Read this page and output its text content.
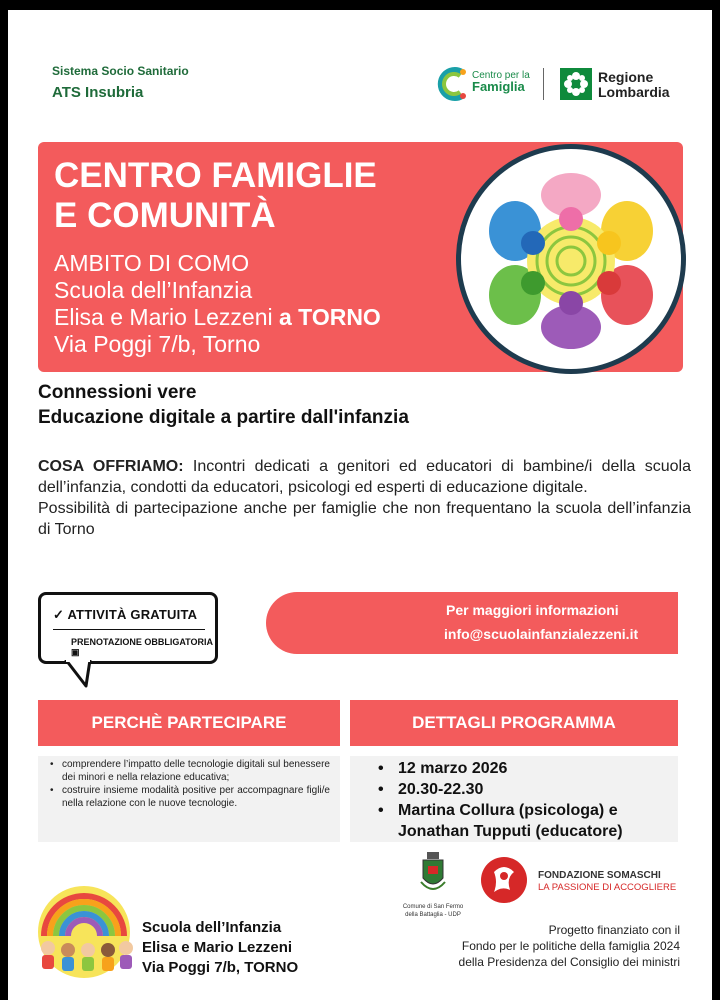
Sistema Socio Sanitario
ATS Insubria
Centro per la
Famiglia
Regione
Lombardia
CENTRO FAMIGLIE
E COMUNITÀ
AMBITO DI COMO
Scuola dell’Infanzia
Elisa e Mario Lezzeni a TORNO
Via Poggi 7/b, Torno
Connessioni vere
Educazione digitale a partire dall'infanzia
COSA OFFRIAMO: Incontri dedicati a genitori ed educatori di bambine/i della scuola dell’infanzia, condotti da educatori, psicologi ed esperti di educazione digitale.
Possibilità di partecipazione anche per famiglie che non frequentano la scuola dell’infanzia di Torno
✓ ATTIVITÀ GRATUITA
PRENOTAZIONE OBBLIGATORIA ▣
Per maggiori informazioni
info@scuolainfanzialezzeni.it
PERCHÈ PARTECIPARE	DETTAGLI PROGRAMMA
• comprendere l’impatto delle tecnologie digitali sul benessere dei minori e nella relazione educativa;
• costruire insieme modalità positive per accompagnare figli/e nella relazione con le nuove tecnologie.
• 12 marzo 2026
• 20.30-22.30
• Martina Collura (psicologa) e
Jonathan Tupputi (educatore)
Scuola dell’Infanzia
Elisa e Mario Lezzeni
Via Poggi 7/b, TORNO
Comune di San Fermo
della Battaglia - UDP
FONDAZIONE SOMASCHI
LA PASSIONE DI ACCOGLIERE
Progetto finanziato con il
Fondo per le politiche della famiglia 2024
della Presidenza del Consiglio dei ministri
